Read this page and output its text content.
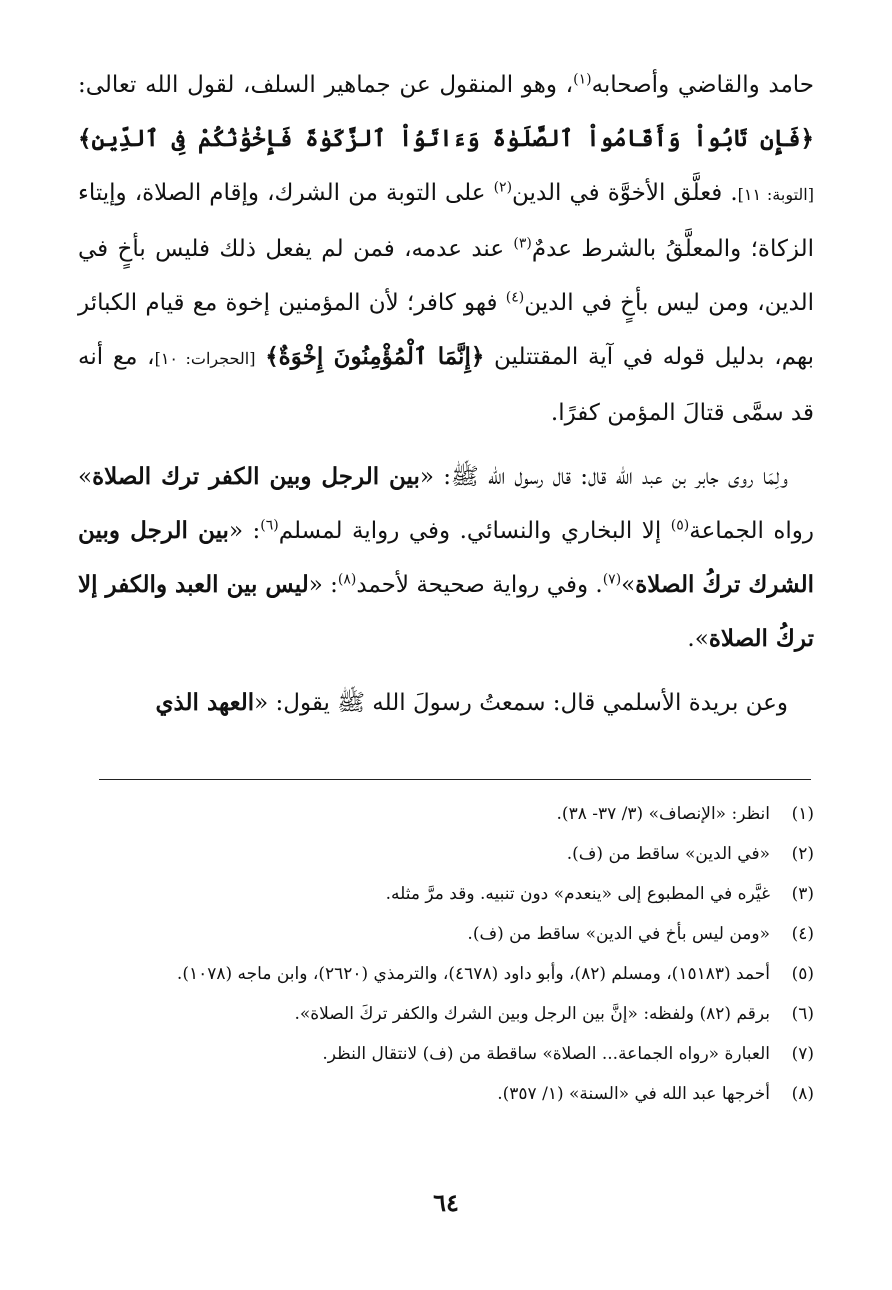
حامد والقاضي وأصحابه$^{(١)}$، وهو المنقول عن جماهير السلف، لقول الله تعالى: ﴿فَإِن تَابُواْ وَأَقَامُواْ ٱلصَّلَوٰةَ وَءَاتَوُاْ ٱلزَّكَوٰةَ فَإِخْوَٰنُكُمْ فِى ٱلدِّينِ﴾ [التوبة: ١١]. فعلَّق الأخوَّة في الدين$^{(٢)}$ على التوبة من الشرك، وإقام الصلاة، وإيتاء الزكاة؛ والمعلَّقُ بالشرط عدمٌ$^{(٣)}$ عند عدمه، فمن لم يفعل ذلك فليس بأخٍ في الدين، ومن ليس بأخٍ في الدين$^{(٤)}$ فهو كافر؛ لأن المؤمنين إخوة مع قيام الكبائر بهم، بدليل قوله في آية المقتتلين ﴿إِنَّمَا ٱلْمُؤْمِنُونَ إِخْوَةٌ﴾ [الحجرات: ١٠]، مع أنه قد سمَّى قتالَ المؤمن كفرًا.

ولِمَا روى جابر بن عبد الله قال: قال رسول الله ﷺ: «بين الرجل وبين الكفر ترك الصلاة» رواه الجماعة$^{(٥)}$ إلا البخاري والنسائي. وفي رواية لمسلم$^{(٦)}$: «بين الرجل وبين الشرك تركُ الصلاة»$^{(٧)}$. وفي رواية صحيحة لأحمد$^{(٨)}$: «ليس بين العبد والكفر إلا تركُ الصلاة».

وعن بريدة الأسلمي قال: سمعتُ رسولَ الله ﷺ يقول: «العهد الذي

(١)
انظر: «الإنصاف» (٣/ ٣٧- ٣٨).

(٢)
«في الدين» ساقط من (ف).

(٣)
غيَّره في المطبوع إلى «ينعدم» دون تنبيه. وقد مرَّ مثله.

(٤)
«ومن ليس بأخ في الدين» ساقط من (ف).

(٥)
أحمد (١٥١٨٣)، ومسلم (٨٢)، وأبو داود (٤٦٧٨)، والترمذي (٢٦٢٠)، وابن ماجه (١٠٧٨).

(٦)
برقم (٨٢) ولفظه: «إنَّ بين الرجل وبين الشرك والكفر تركَ الصلاة».

(٧)
العبارة «رواه الجماعة... الصلاة» ساقطة من (ف) لانتقال النظر.

(٨)
أخرجها عبد الله في «السنة» (١/ ٣٥٧).

٦٤
